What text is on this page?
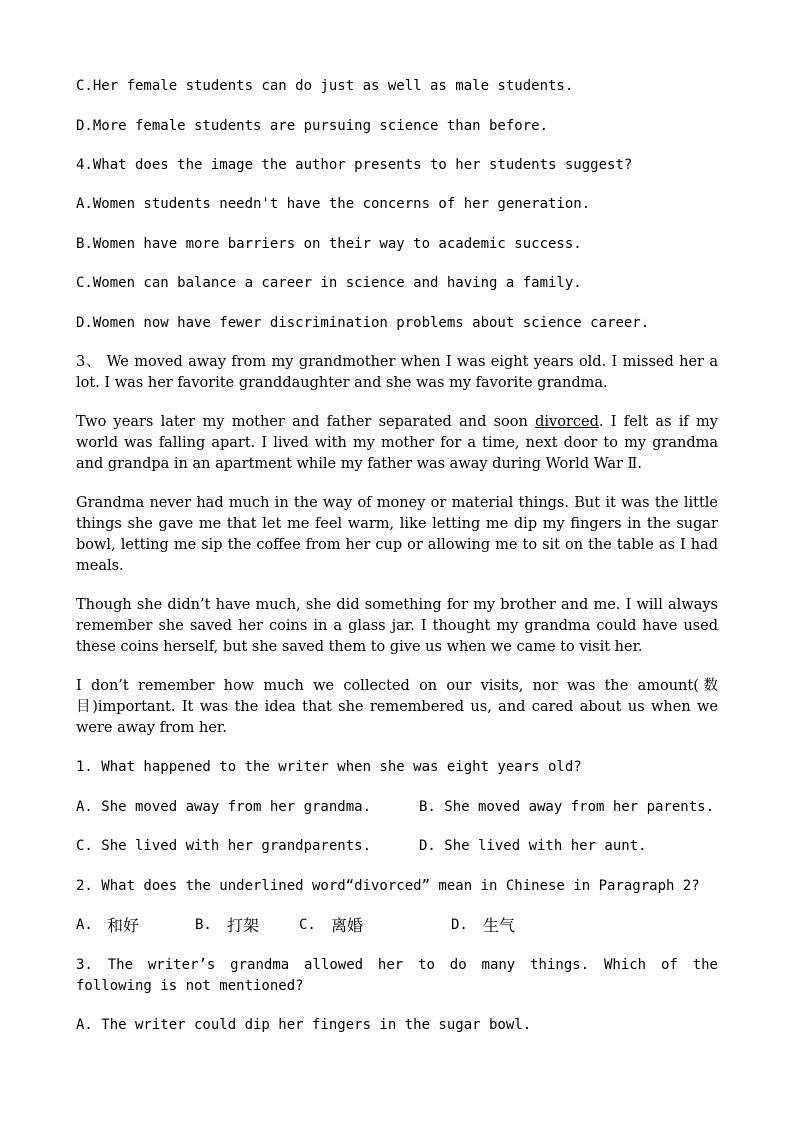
C.Her female students can do just as well as male students.
D.More female students are pursuing science than before.
4.What does the image the author presents to her students suggest?
A.Women students needn't have the concerns of her generation.
B.Women have more barriers on their way to academic success.
C.Women can balance a career in science and having a family.
D.Women now have fewer discrimination problems about science career.
3、 We moved away from my grandmother when I was eight years old. I missed her a lot. I was her favorite granddaughter and she was my favorite grandma.
Two years later my mother and father separated and soon divorced. I felt as if my world was falling apart. I lived with my mother for a time, next door to my grandma and grandpa in an apartment while my father was away during World War Ⅱ.
Grandma never had much in the way of money or material things. But it was the little things she gave me that let me feel warm, like letting me dip my fingers in the sugar bowl, letting me sip the coffee from her cup or allowing me to sit on the table as I had meals.
Though she didn’t have much, she did something for my brother and me. I will always remember she saved her coins in a glass jar. I thought my grandma could have used these coins herself, but she saved them to give us when we came to visit her.
I don’t remember how much we collected on our visits, nor was the amount(数目)important. It was the idea that she remembered us, and cared about us when we were away from her.
1. What happened to the writer when she was eight years old?
A. She moved away from her grandma.	B. She moved away from her parents.
C. She lived with her grandparents.	D. She lived with her aunt.
2. What does the underlined word“divorced” mean in Chinese in Paragraph 2?
A. 和好	B. 打架	C. 离婚	D. 生气
3. The writer’s grandma allowed her to do many things. Which of the following is not mentioned?
A. The writer could dip her fingers in the sugar bowl.
